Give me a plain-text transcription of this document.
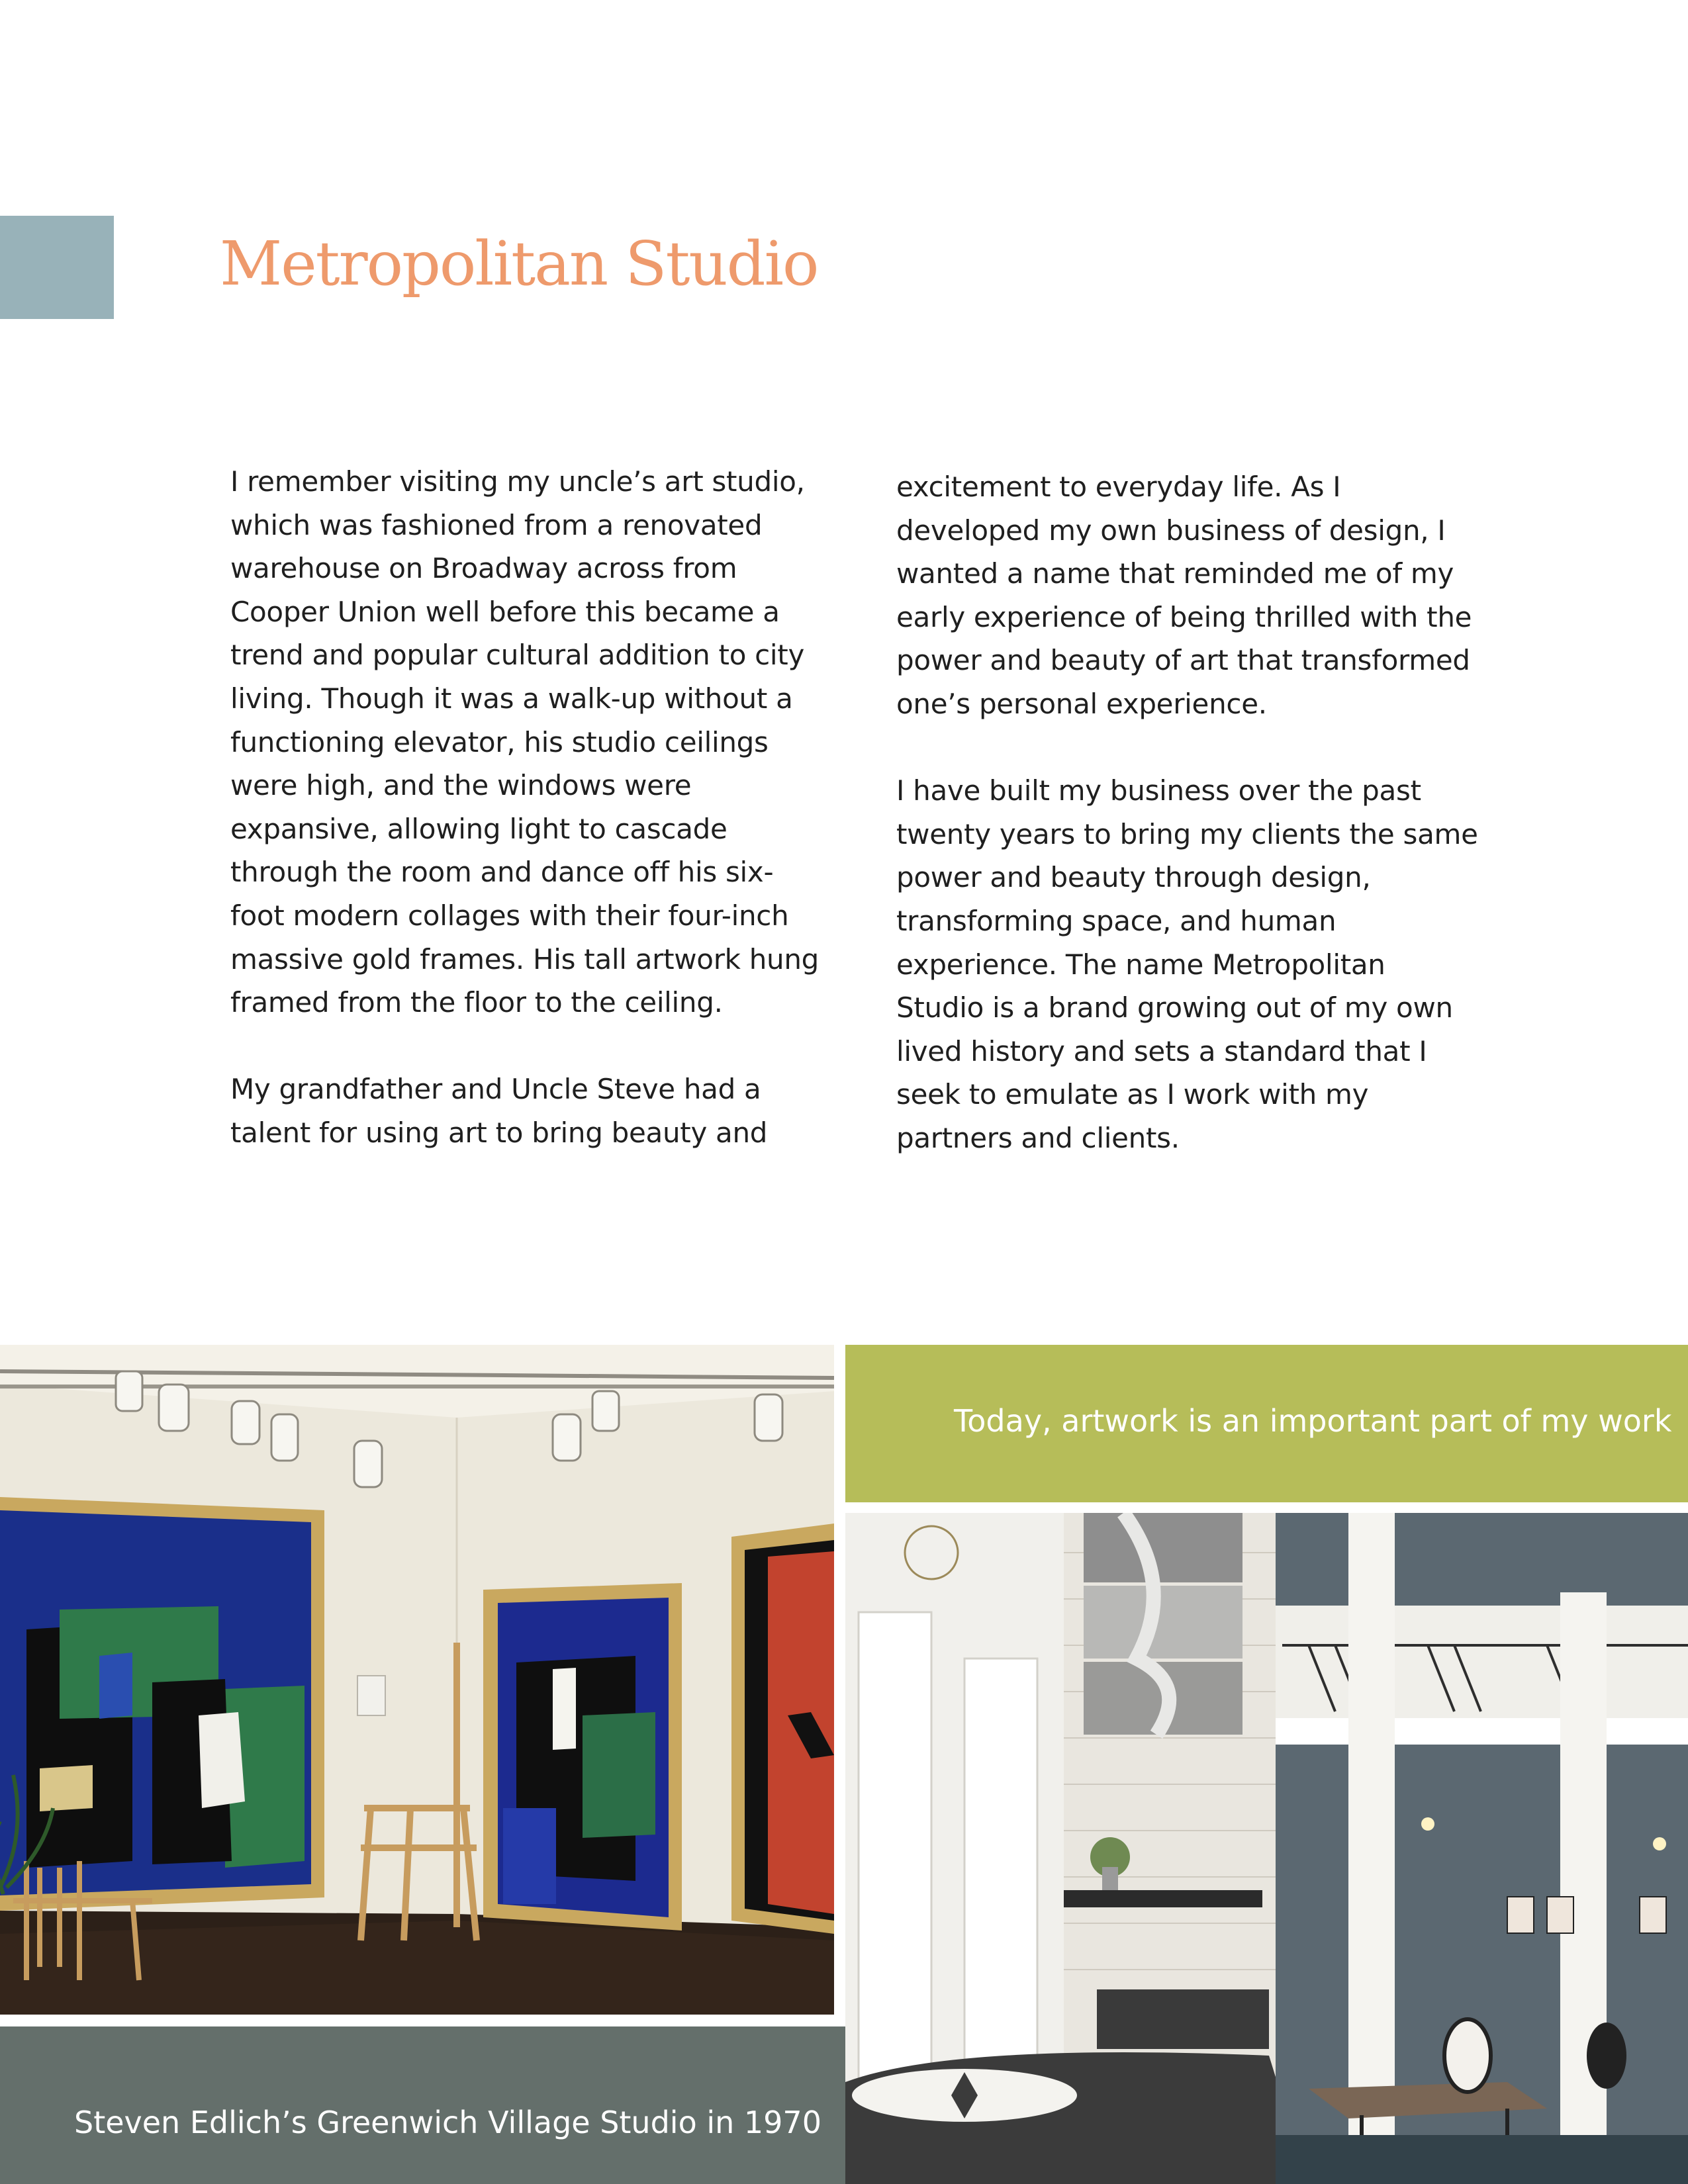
Metropolitan Studio
I remember visiting my uncle’s art studio,
which was fashioned from a renovated
warehouse on Broadway across from
Cooper Union well before this became a
trend and popular cultural addition to city
living. Though it was a walk-up without a
functioning elevator, his studio ceilings
were high, and the windows were
expansive, allowing light to cascade
through the room and dance off his six-
foot modern collages with their four-inch
massive gold frames. His tall artwork hung
framed from the floor to the ceiling.
My grandfather and Uncle Steve had a
talent for using art to bring beauty and
excitement to everyday life. As I
developed my own business of design, I
wanted a name that reminded me of my
early experience of being thrilled with the
power and beauty of art that transformed
one’s personal experience.
I have built my business over the past
twenty years to bring my clients the same
power and beauty through design,
transforming space, and human
experience. The name Metropolitan
Studio is a brand growing out of my own
lived history and sets a standard that I
seek to emulate as I work with my
partners and clients.
Steven Edlich’s Greenwich Village Studio in 1970
Today, artwork is an important part of my work
